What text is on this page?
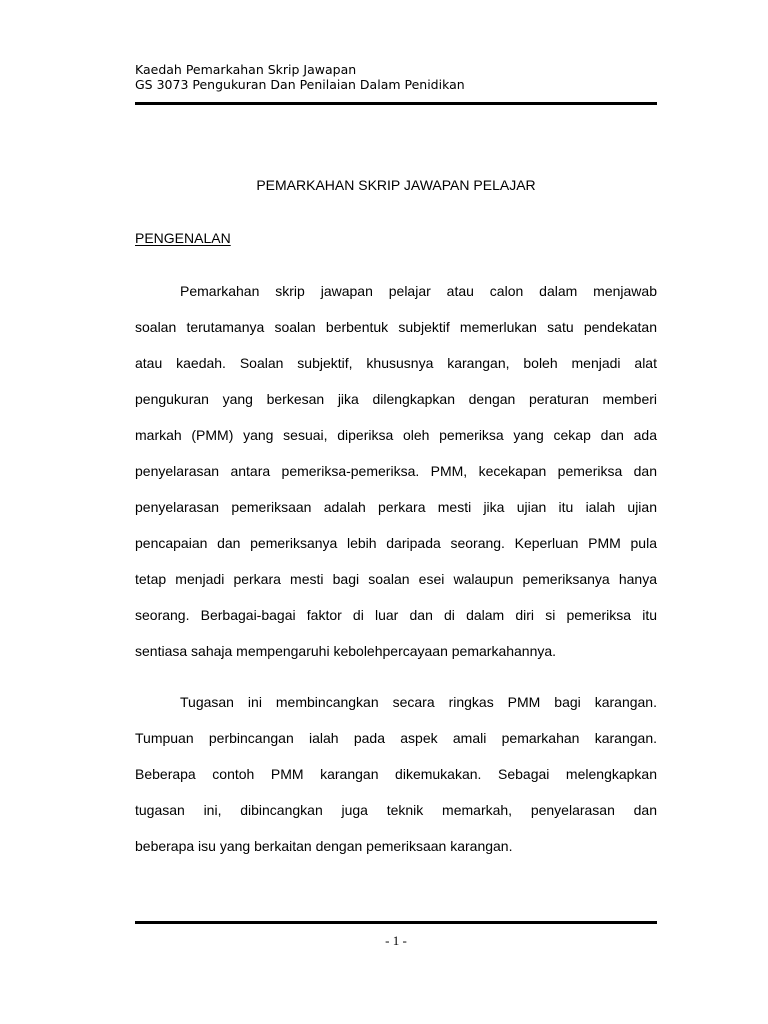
Kaedah Pemarkahan Skrip Jawapan
GS 3073 Pengukuran Dan Penilaian Dalam Penidikan
PEMARKAHAN SKRIP JAWAPAN PELAJAR
PENGENALAN
Pemarkahan skrip jawapan pelajar atau calon dalam menjawab
soalan terutamanya soalan berbentuk subjektif memerlukan satu pendekatan
atau kaedah. Soalan subjektif, khususnya karangan, boleh menjadi alat
pengukuran yang berkesan jika dilengkapkan dengan peraturan memberi
markah (PMM) yang sesuai, diperiksa oleh pemeriksa yang cekap dan ada
penyelarasan antara pemeriksa-pemeriksa. PMM, kecekapan pemeriksa dan
penyelarasan pemeriksaan adalah perkara mesti jika ujian itu ialah ujian
pencapaian dan pemeriksanya lebih daripada seorang. Keperluan PMM pula
tetap menjadi perkara mesti bagi soalan esei walaupun pemeriksanya hanya
seorang. Berbagai-bagai faktor di luar dan di dalam diri si pemeriksa itu
sentiasa sahaja mempengaruhi kebolehpercayaan pemarkahannya.
Tugasan ini membincangkan secara ringkas PMM bagi karangan.
Tumpuan perbincangan ialah pada aspek amali pemarkahan karangan.
Beberapa contoh PMM karangan dikemukakan. Sebagai melengkapkan
tugasan ini, dibincangkan juga teknik memarkah, penyelarasan dan
beberapa isu yang berkaitan dengan pemeriksaan karangan.
- 1 -
